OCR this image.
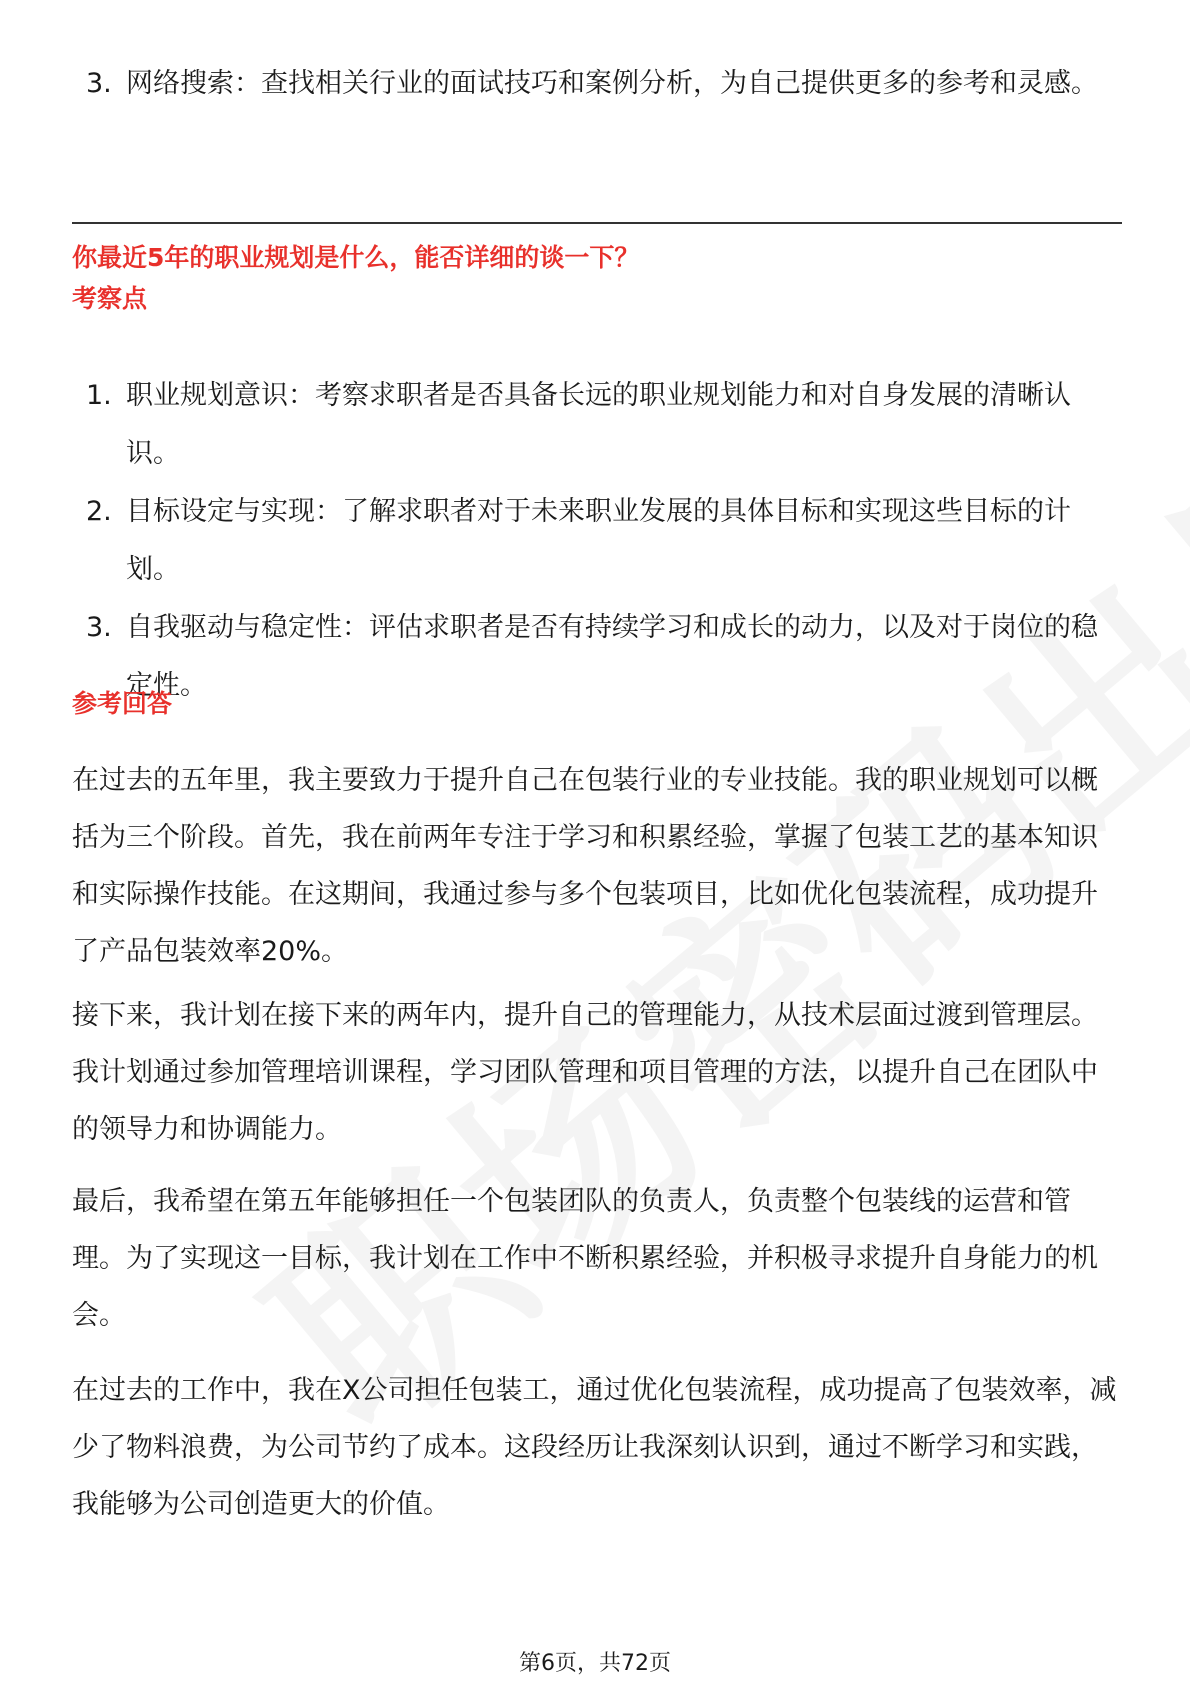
3. 网络搜索：查找相关行业的面试技巧和案例分析，为自己提供更多的参考和灵感。
你最近5年的职业规划是什么，能否详细的谈一下？
考察点
1. 职业规划意识：考察求职者是否具备长远的职业规划能力和对自身发展的清晰认识。
2. 目标设定与实现：了解求职者对于未来职业发展的具体目标和实现这些目标的计划。
3. 自我驱动与稳定性：评估求职者是否有持续学习和成长的动力，以及对于岗位的稳定性。
参考回答

在过去的五年里，我主要致力于提升自己在包装行业的专业技能。我的职业规划可以概括为三个阶段。首先，我在前两年专注于学习和积累经验，掌握了包装工艺的基本知识和实际操作技能。在这期间，我通过参与多个包装项目，比如优化包装流程，成功提升了产品包装效率20%。

接下来，我计划在接下来的两年内，提升自己的管理能力，从技术层面过渡到管理层。我计划通过参加管理培训课程，学习团队管理和项目管理的方法，以提升自己在团队中的领导力和协调能力。

最后，我希望在第五年能够担任一个包装团队的负责人，负责整个包装线的运营和管理。为了实现这一目标，我计划在工作中不断积累经验，并积极寻求提升自身能力的机会。

在过去的工作中，我在X公司担任包装工，通过优化包装流程，成功提高了包装效率，减少了物料浪费，为公司节约了成本。这段经历让我深刻认识到，通过不断学习和实践，我能够为公司创造更大的价值。

第6页，共72页
